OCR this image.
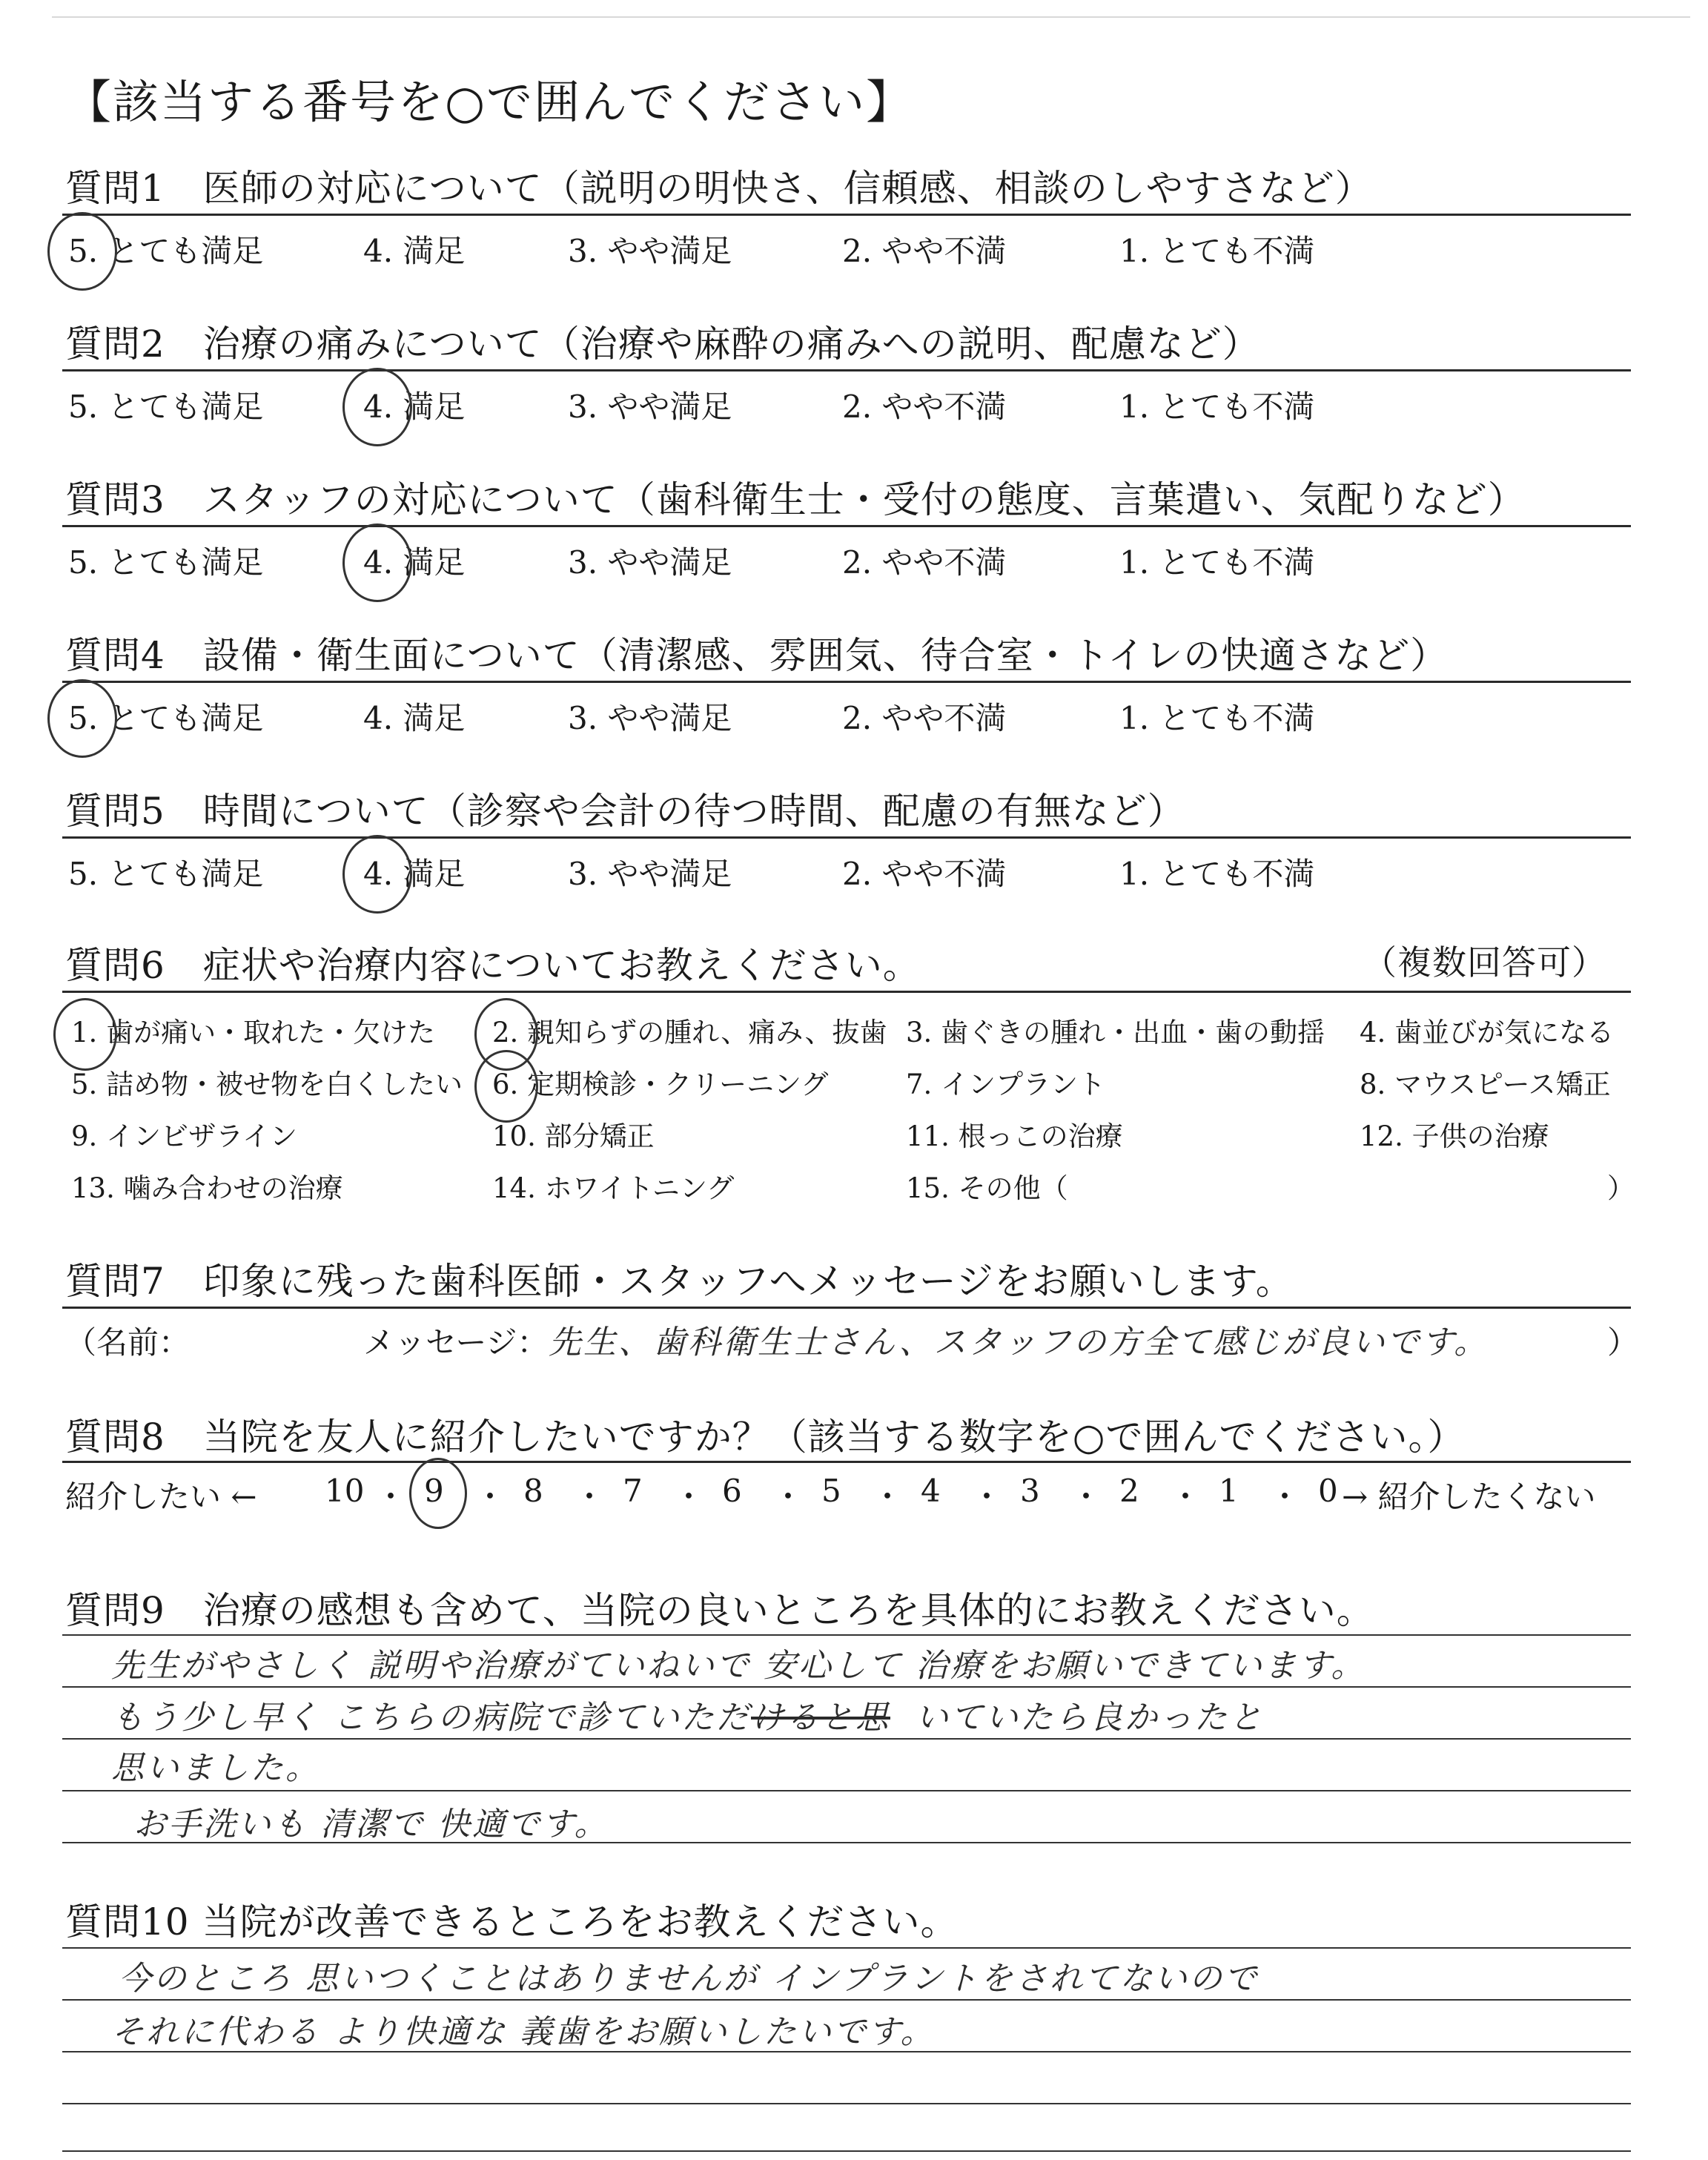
【該当する番号を○で囲んでください】
質問1　医師の対応について（説明の明快さ、信頼感、相談のしやすさなど）
5. とても満足	4. 満足	3. やや満足	2. やや不満	1. とても不満
質問2　治療の痛みについて（治療や麻酔の痛みへの説明、配慮など）
5. とても満足	4. 満足	3. やや満足	2. やや不満	1. とても不満
質問3　スタッフの対応について（歯科衛生士・受付の態度、言葉遣い、気配りなど）
5. とても満足	4. 満足	3. やや満足	2. やや不満	1. とても不満
質問4　設備・衛生面について（清潔感、雰囲気、待合室・トイレの快適さなど）
5. とても満足	4. 満足	3. やや満足	2. やや不満	1. とても不満
質問5　時間について（診察や会計の待つ時間、配慮の有無など）
5. とても満足	4. 満足	3. やや満足	2. やや不満	1. とても不満
質問6　症状や治療内容についてお教えください。	（複数回答可）
1. 歯が痛い・取れた・欠けた 2. 親知らずの腫れ、痛み、抜歯 3. 歯ぐきの腫れ・出血・歯の動揺 4. 歯並びが気になる
5. 詰め物・被せ物を白くしたい 6. 定期検診・クリーニング	7. インプラント	8. マウスピース矯正
9. インビザライン	10. 部分矯正	11. 根っこの治療	12. 子供の治療
13. 噛み合わせの治療	14. ホワイトニング	15. その他（	）
質問7　印象に残った歯科医師・スタッフへメッセージをお願いします。
（名前：	メッセージ： 先生、歯科衛生士さん、スタッフの方全て感じが良いです。	）
質問8　当院を友人に紹介したいですか？（該当する数字を○で囲んでください。）
紹介したい ←	→ 紹介したくない
10 ・ 9 ・ 8 ・ 7 ・ 6 ・ 5 ・ 4 ・ 3 ・ 2 ・ 1 ・ 0
質問9　治療の感想も含めて、当院の良いところを具体的にお教えください。
先生がやさしく 説明や治療がていねいで 安心して 治療をお願いできています。
もう少し早く こちらの病院で診ていただけると思 いていたら良かったと
思いました。
お手洗いも 清潔で 快適です。
質問10 当院が改善できるところをお教えください。
今のところ 思いつくことはありませんが インプラントをされてないので
それに代わる より快適な 義歯をお願いしたいです。
